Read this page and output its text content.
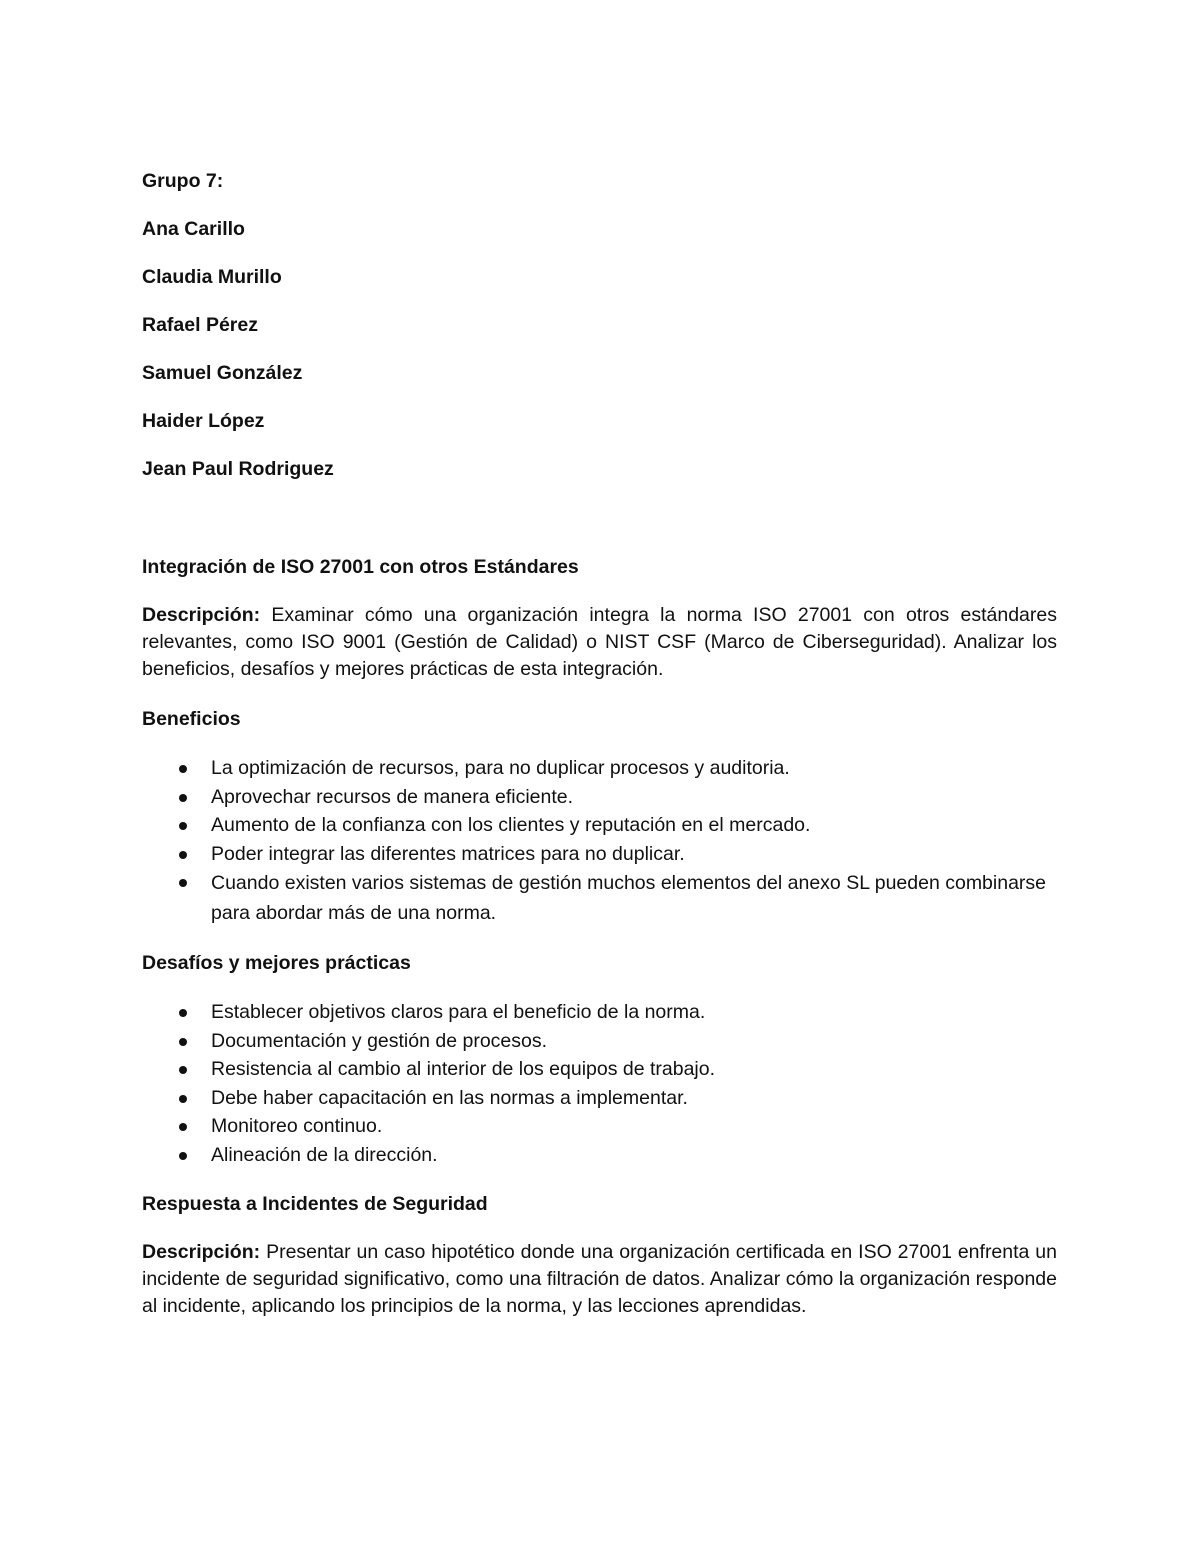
Grupo 7:

Ana Carillo

Claudia Murillo

Rafael Pérez

Samuel González

Haider López

Jean Paul Rodriguez

Integración de ISO 27001 con otros Estándares

Descripción: Examinar cómo una organización integra la norma ISO 27001 con otros estándares relevantes, como ISO 9001 (Gestión de Calidad) o NIST CSF (Marco de Ciberseguridad). Analizar los beneficios, desafíos y mejores prácticas de esta integración.

Beneficios

La optimización de recursos, para no duplicar procesos y auditoria.
Aprovechar recursos de manera eficiente.
Aumento de la confianza con los clientes y reputación en el mercado.
Poder integrar las diferentes matrices para no duplicar.
Cuando existen varios sistemas de gestión muchos elementos del anexo SL pueden combinarse para abordar más de una norma.

Desafíos y mejores prácticas

Establecer objetivos claros para el beneficio de la norma.
Documentación y gestión de procesos.
Resistencia al cambio al interior de los equipos de trabajo.
Debe haber capacitación en las normas a implementar.
Monitoreo continuo.
Alineación de la dirección.

Respuesta a Incidentes de Seguridad

Descripción: Presentar un caso hipotético donde una organización certificada en ISO 27001 enfrenta un incidente de seguridad significativo, como una filtración de datos. Analizar cómo la organización responde al incidente, aplicando los principios de la norma, y las lecciones aprendidas.
